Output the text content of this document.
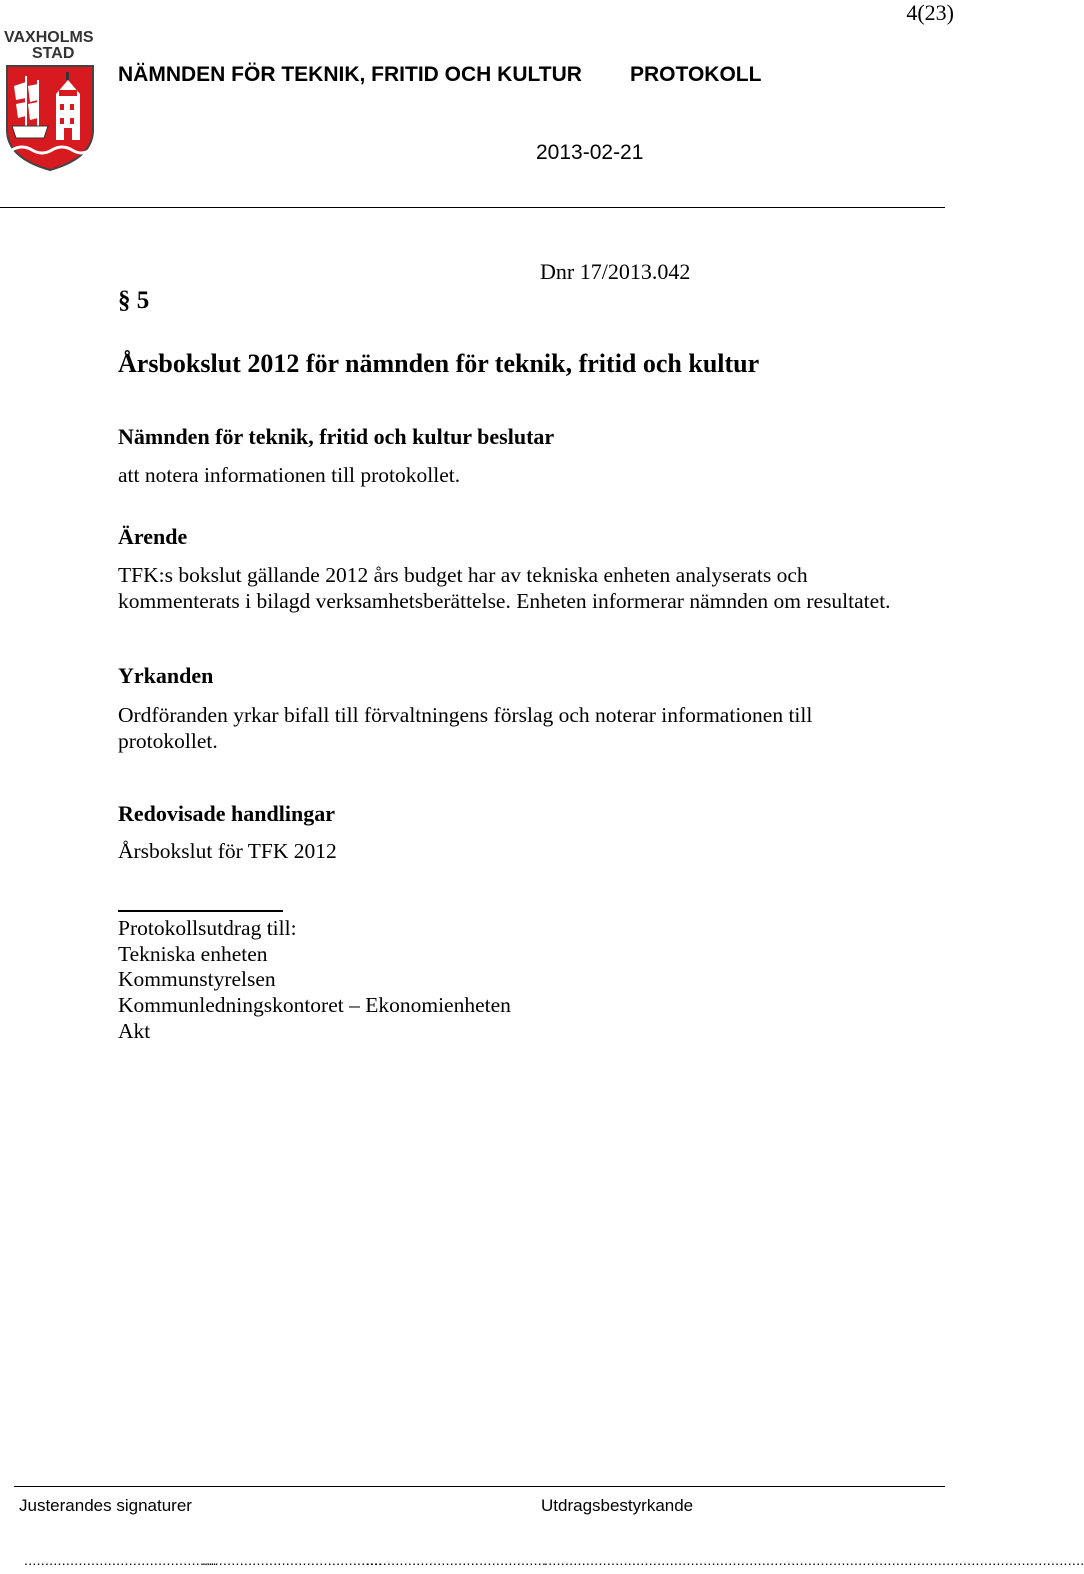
4(23)
VAXHOLMS
STAD
NÄMNDEN FÖR TEKNIK, FRITID OCH KULTUR PROTOKOLL
2013-02-21
Dnr 17/2013.042
§ 5
Årsbokslut 2012 för nämnden för teknik, fritid och kultur
Nämnden för teknik, fritid och kultur beslutar
att notera informationen till protokollet.
Ärende
TFK:s bokslut gällande 2012 års budget har av tekniska enheten analyserats och kommenterats i bilagd verksamhetsberättelse. Enheten informerar nämnden om resultatet.
Yrkanden
Ordföranden yrkar bifall till förvaltningens förslag och noterar informationen till protokollet.
Redovisade handlingar
Årsbokslut för TFK 2012
Protokollsutdrag till:
Tekniska enheten
Kommunstyrelsen
Kommunledningskontoret – Ekonomienheten
Akt
Justerandes signaturer	Utdragsbestyrkande
..............................................
...........................................
...........................................
.................................................................................................................................
